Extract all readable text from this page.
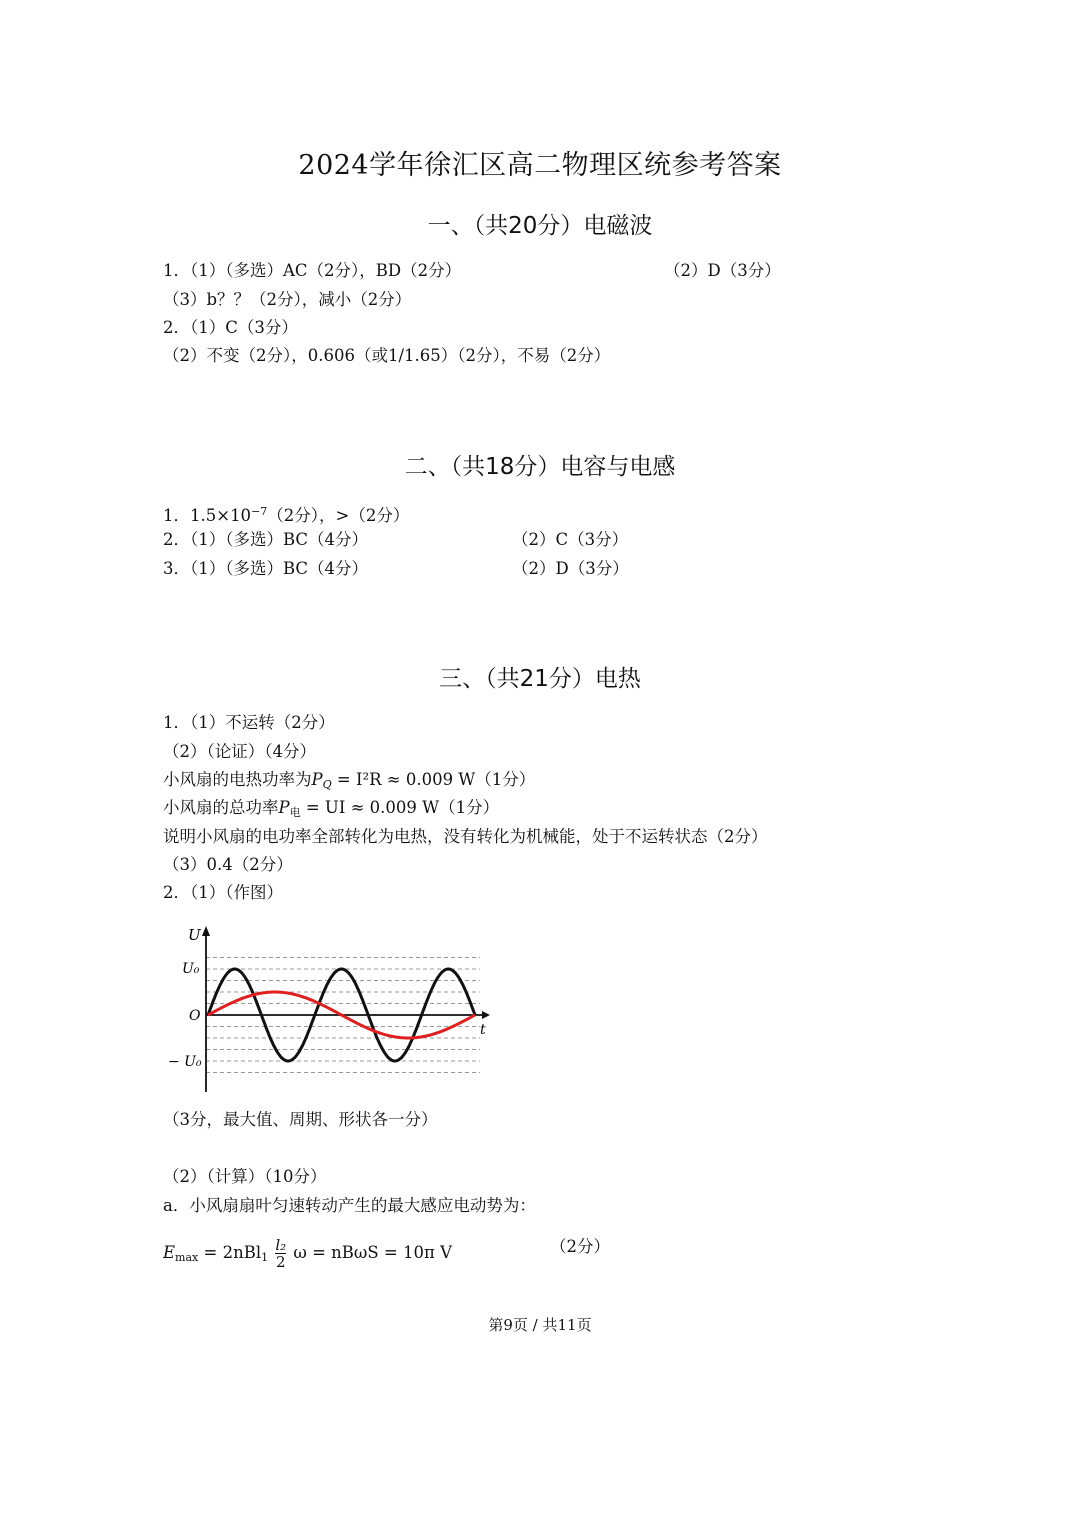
2024学年徐汇区高二物理区统参考答案
一、（共20分）电磁波
1．（1）（多选）AC（2分），BD（2分）	（2）D（3分）
（3）b？？（2分），减小（2分）
2．（1）C（3分）
（2）不变（2分），0.606（或1/1.65）（2分），不易（2分）
二、（共18分）电容与电感
1．$1.5\times 10^{-7}(2$分），>（2分）
2．（1）（多选）BC（4分）	（2）C（3分）
3．（1）（多选）BC（4分）	（2）D（3分）
三、（共21分）电热
1．（1）不运转（2分）
（2）（论证）（4分）
小风扇的电热功率为$P_Q = I^2R \approx 0.009$ W（1分）
小风扇的总功率$P_电$ = UI ≈ 0.009 W（1分）
说明小风扇的电功率全部转化为电热，没有转化为机械能，处于不运转状态（2分）
（3）0.4（2分）
2．（1）（作图）
U
t
U₀
O
− U₀
（3分，最大值、周期、形状各一分）
（2）（计算）（10分）
a．小风扇扇叶匀速转动产生的最大感应电动势为：
$E_{max} = 2nBl_1 \frac{\text{l₂}}{2}$ ω = nBωS = 10π V	（2分）
第9页 / 共11页
